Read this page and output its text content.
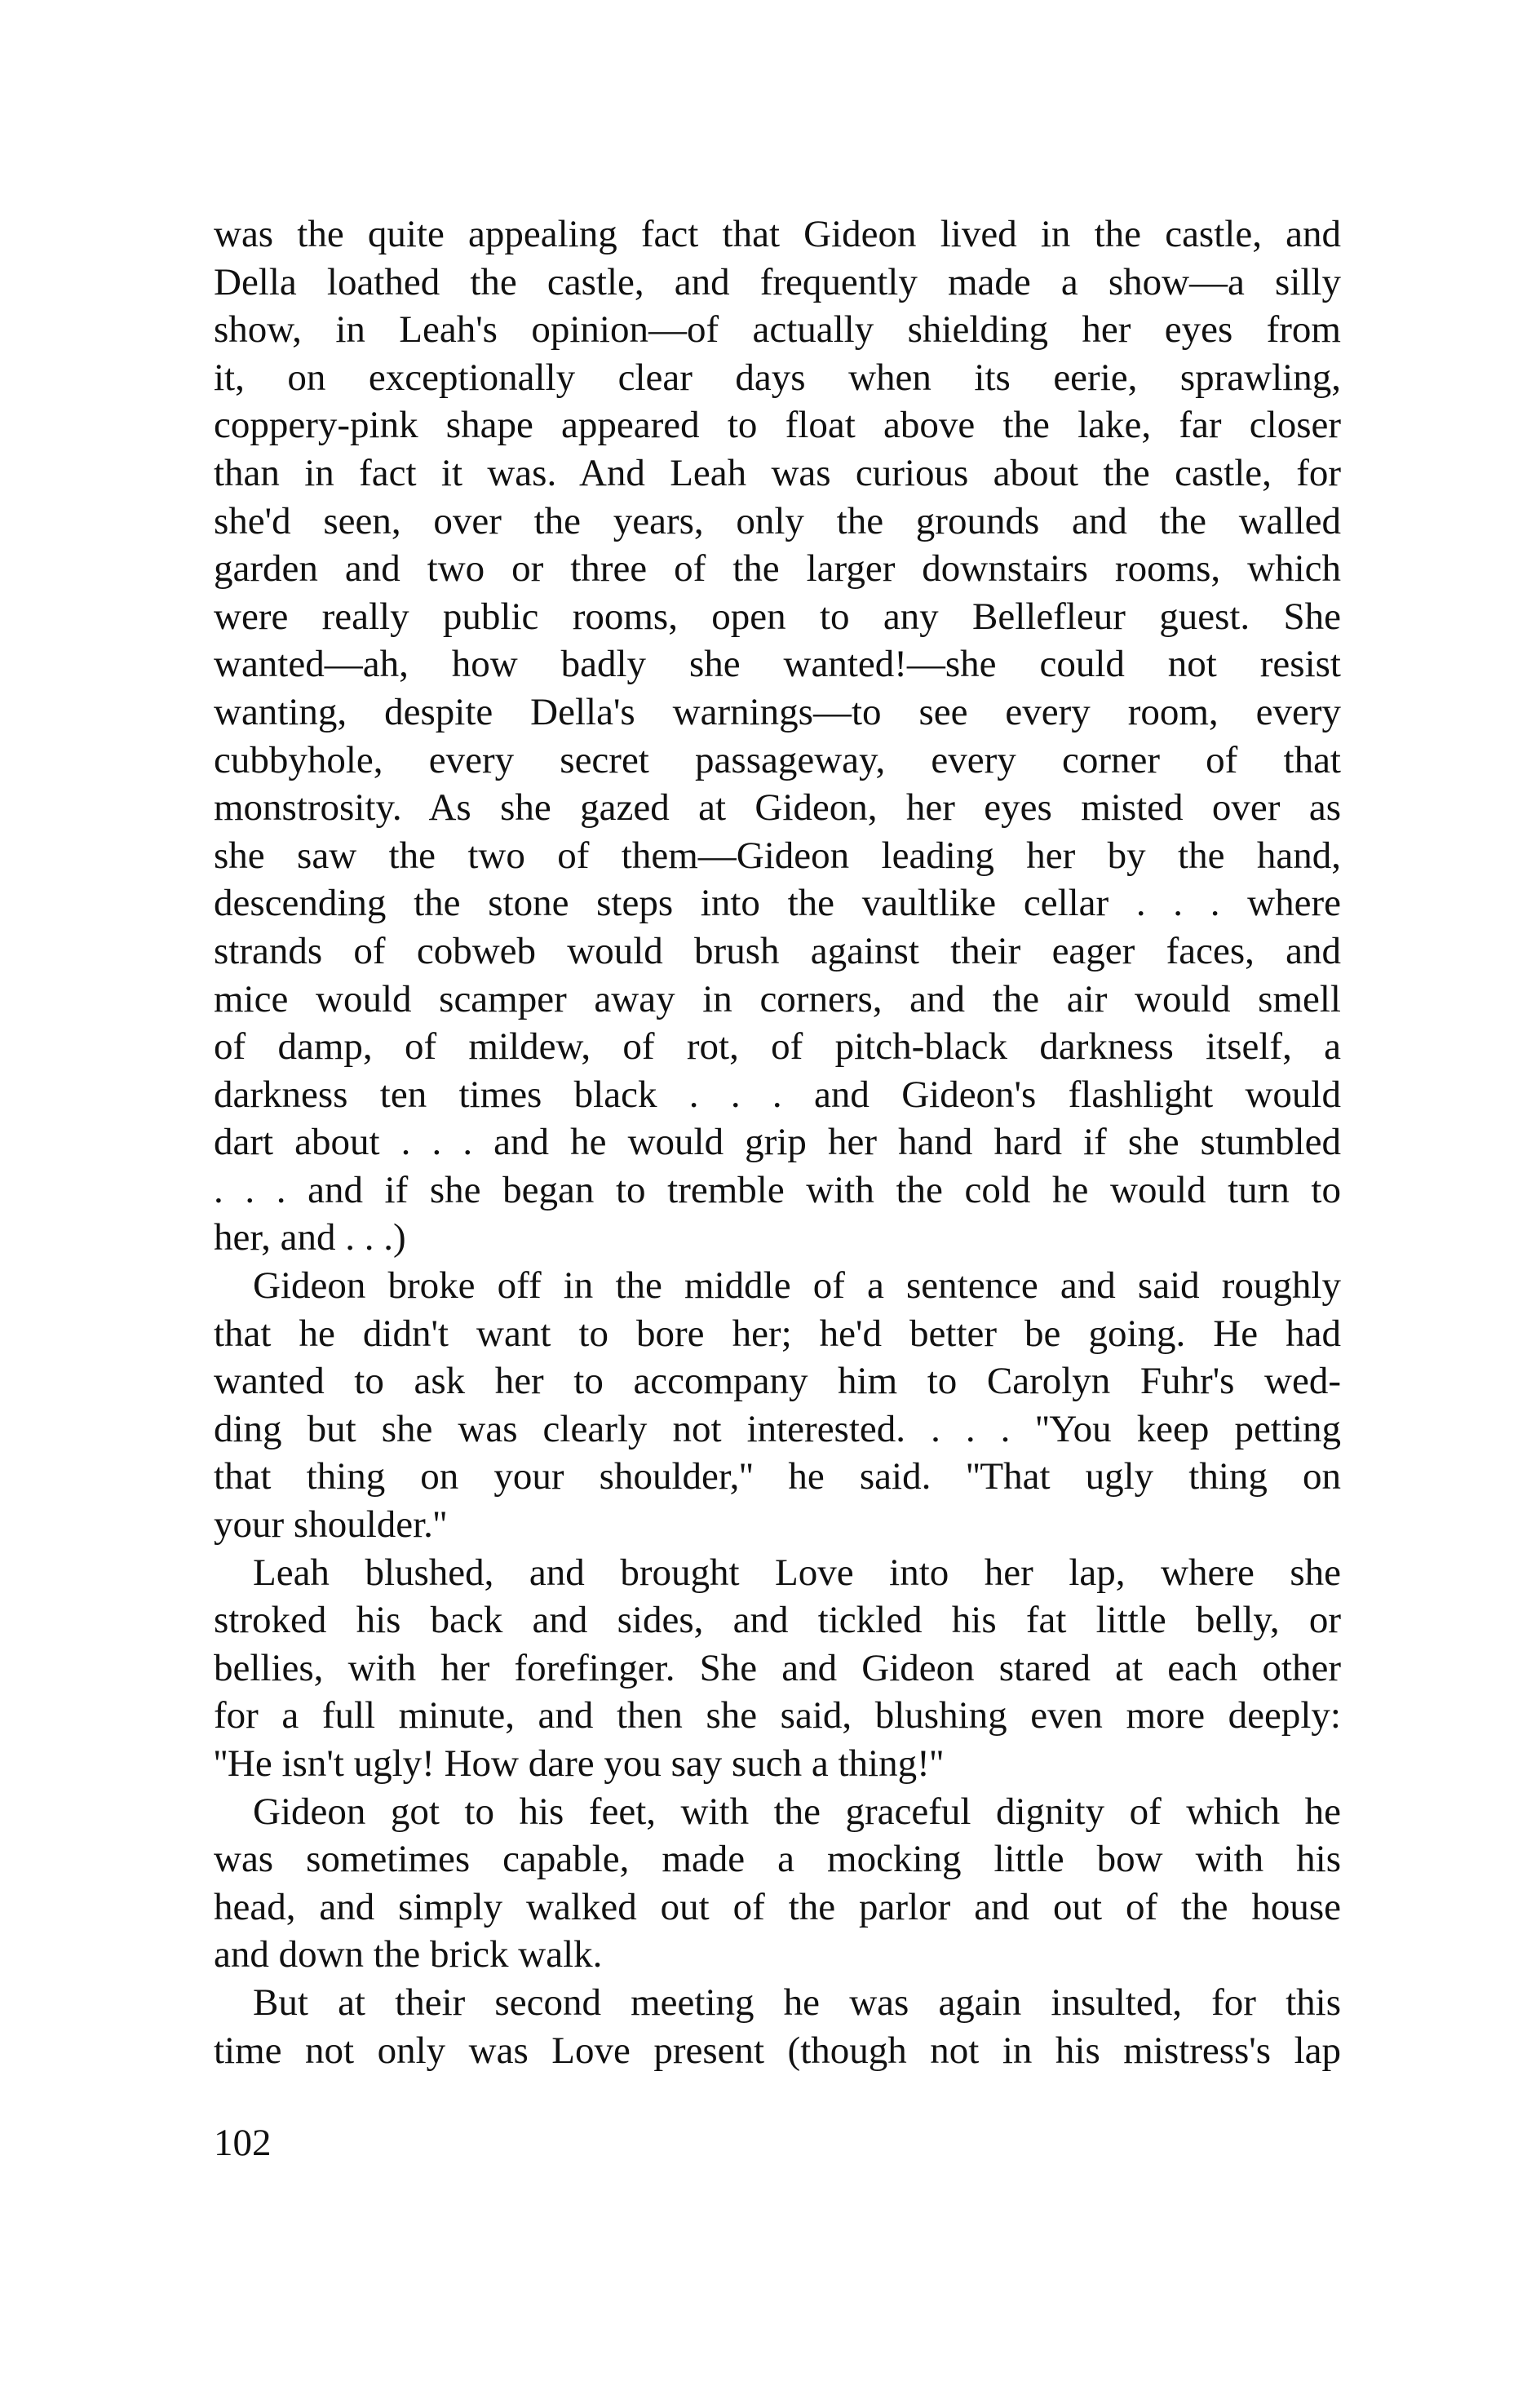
was the quite appealing fact that Gideon lived in the castle, and
Della loathed the castle, and frequently made a show—a silly
show, in Leah's opinion—of actually shielding her eyes from
it, on exceptionally clear days when its eerie, sprawling,
coppery-pink shape appeared to float above the lake, far closer
than in fact it was. And Leah was curious about the castle, for
she'd seen, over the years, only the grounds and the walled
garden and two or three of the larger downstairs rooms, which
were really public rooms, open to any Bellefleur guest. She
wanted—ah, how badly she wanted!—she could not resist
wanting, despite Della's warnings—to see every room, every
cubbyhole, every secret passageway, every corner of that
monstrosity. As she gazed at Gideon, her eyes misted over as
she saw the two of them—Gideon leading her by the hand,
descending the stone steps into the vaultlike cellar . . . where
strands of cobweb would brush against their eager faces, and
mice would scamper away in corners, and the air would smell
of damp, of mildew, of rot, of pitch-black darkness itself, a
darkness ten times black . . . and Gideon's flashlight would
dart about . . . and he would grip her hand hard if she stumbled
. . . and if she began to tremble with the cold he would turn to
her, and . . .)
Gideon broke off in the middle of a sentence and said roughly
that he didn't want to bore her; he'd better be going. He had
wanted to ask her to accompany him to Carolyn Fuhr's wed-
ding but she was clearly not interested. . . . ''You keep petting
that thing on your shoulder,'' he said. ''That ugly thing on
your shoulder.''
Leah blushed, and brought Love into her lap, where she
stroked his back and sides, and tickled his fat little belly, or
bellies, with her forefinger. She and Gideon stared at each other
for a full minute, and then she said, blushing even more deeply:
''He isn't ugly! How dare you say such a thing!''
Gideon got to his feet, with the graceful dignity of which he
was sometimes capable, made a mocking little bow with his
head, and simply walked out of the parlor and out of the house
and down the brick walk.
But at their second meeting he was again insulted, for this
time not only was Love present (though not in his mistress's lap
102
